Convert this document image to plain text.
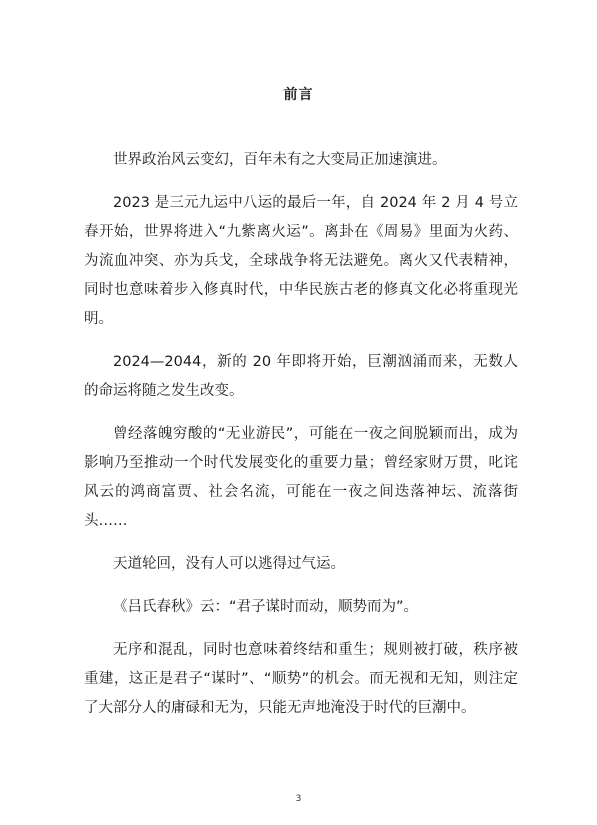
前言

世界政治风云变幻，百年未有之大变局正加速演进。

2023 是三元九运中八运的最后一年，自 2024 年 2 月 4 号立春开始，世界将进入“九紫离火运”。离卦在《周易》里面为火药、为流血冲突、亦为兵戈，全球战争将无法避免。离火又代表精神，同时也意味着步入修真时代，中华民族古老的修真文化必将重现光明。

2024—2044，新的 20 年即将开始，巨潮汹涌而来，无数人的命运将随之发生改变。

曾经落魄穷酸的“无业游民”，可能在一夜之间脱颖而出，成为影响乃至推动一个时代发展变化的重要力量；曾经家财万贯，叱诧风云的鸿商富贾、社会名流，可能在一夜之间迭落神坛、流落街头……

天道轮回，没有人可以逃得过气运。

《吕氏春秋》云：“君子谋时而动，顺势而为”。

无序和混乱，同时也意味着终结和重生；规则被打破，秩序被重建，这正是君子“谋时”、“顺势”的机会。而无视和无知，则注定了大部分人的庸碌和无为，只能无声地淹没于时代的巨潮中。

3
